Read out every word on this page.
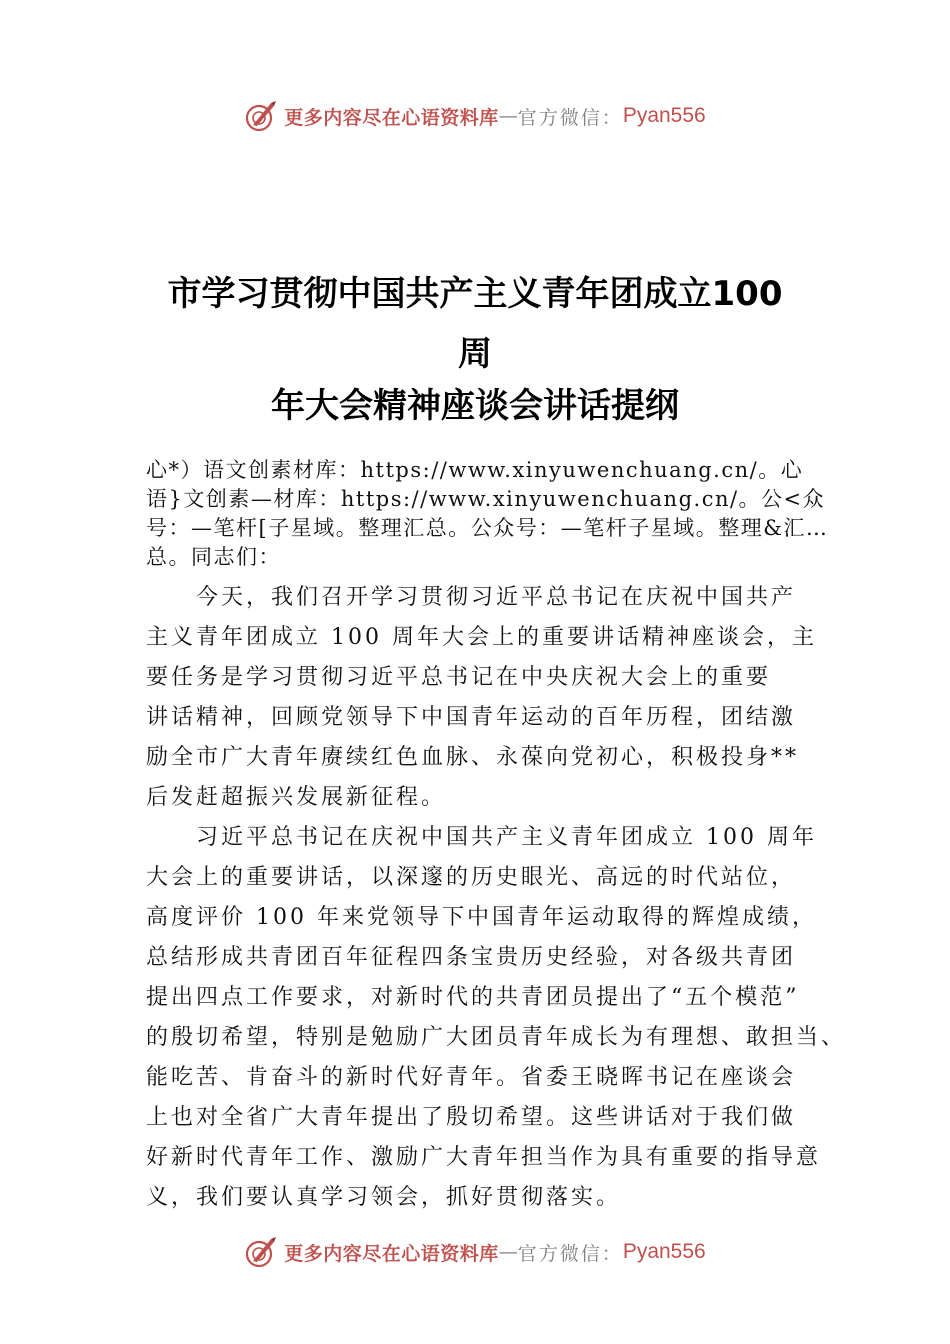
更多内容尽在心语资料库 — 官方微信： Pyan556
市学习贯彻中国共产主义青年团成立100
周
年大会精神座谈会讲话提纲

心*）语文创素材库：https://www.xinyuwenchuang.cn/。心语}文创素—材库：https://www.xinyuwenchuang.cn/。公<众号：—笔杆[子星域。整理汇总。公众号：—笔杆子星域。整理&汇…总。同志们：

今天，我们召开学习贯彻习近平总书记在庆祝中国共产

主义青年团成立 100 周年大会上的重要讲话精神座谈会，主

要任务是学习贯彻习近平总书记在中央庆祝大会上的重要

讲话精神，回顾党领导下中国青年运动的百年历程，团结激

励全市广大青年赓续红色血脉、永葆向党初心，积极投身**

后发赶超振兴发展新征程。

习近平总书记在庆祝中国共产主义青年团成立 100 周年

大会上的重要讲话，以深邃的历史眼光、高远的时代站位，

高度评价 100 年来党领导下中国青年运动取得的辉煌成绩，

总结形成共青团百年征程四条宝贵历史经验，对各级共青团

提出四点工作要求，对新时代的共青团员提出了“五个模范”

的殷切希望，特别是勉励广大团员青年成长为有理想、敢担当、

能吃苦、肯奋斗的新时代好青年。省委王晓晖书记在座谈会

上也对全省广大青年提出了殷切希望。这些讲话对于我们做

好新时代青年工作、激励广大青年担当作为具有重要的指导意

义，我们要认真学习领会，抓好贯彻落实。

更多内容尽在心语资料库 — 官方微信： Pyan556
